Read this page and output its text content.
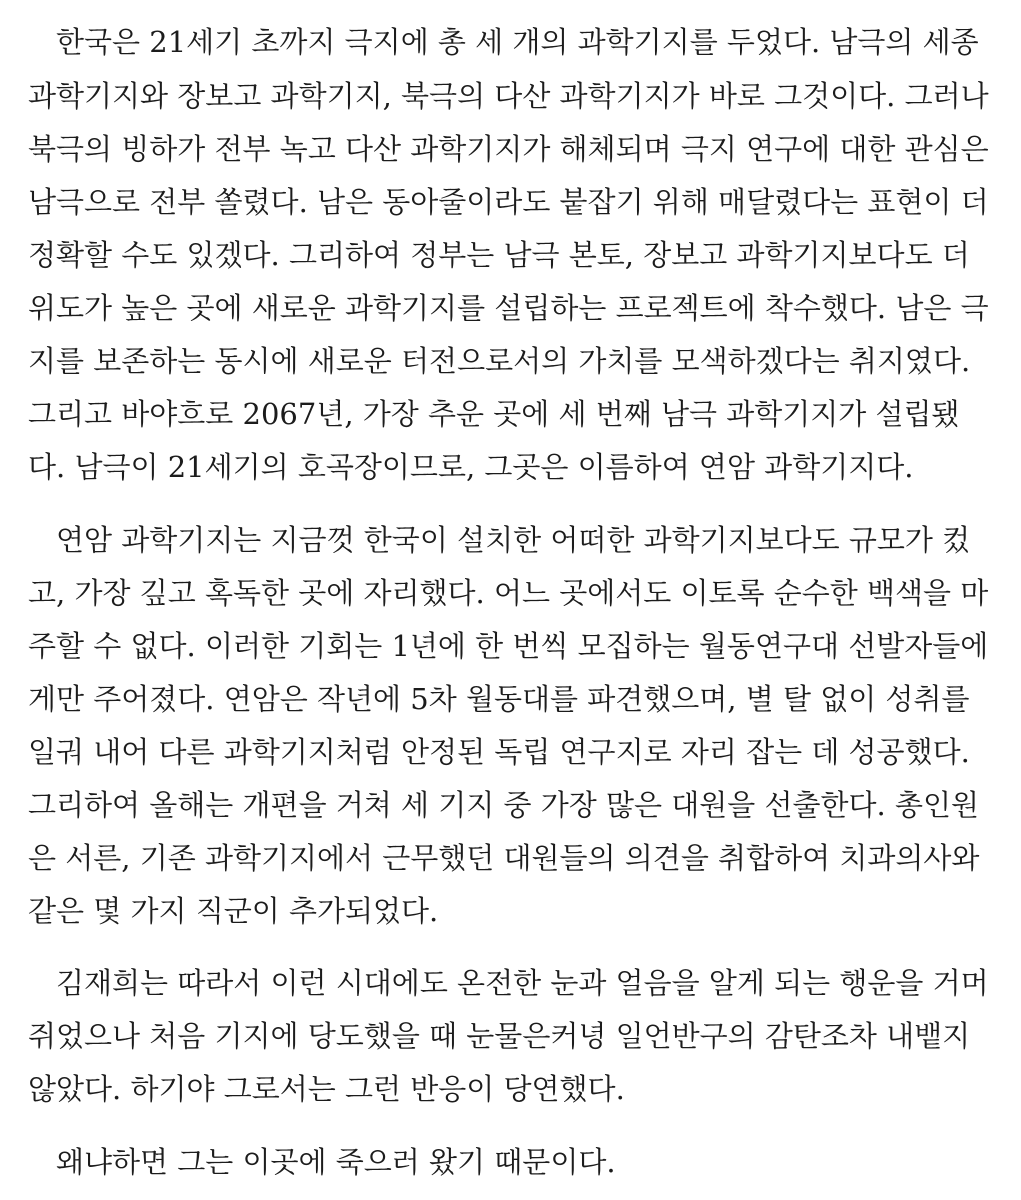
한국은 21세기 초까지 극지에 총 세 개의 과학기지를 두었다. 남극의 세종
과학기지와 장보고 과학기지, 북극의 다산 과학기지가 바로 그것이다. 그러나
북극의 빙하가 전부 녹고 다산 과학기지가 해체되며 극지 연구에 대한 관심은
남극으로 전부 쏠렸다. 남은 동아줄이라도 붙잡기 위해 매달렸다는 표현이 더
정확할 수도 있겠다. 그리하여 정부는 남극 본토, 장보고 과학기지보다도 더
위도가 높은 곳에 새로운 과학기지를 설립하는 프로젝트에 착수했다. 남은 극
지를 보존하는 동시에 새로운 터전으로서의 가치를 모색하겠다는 취지였다.
그리고 바야흐로 2067년, 가장 추운 곳에 세 번째 남극 과학기지가 설립됐
다. 남극이 21세기의 호곡장이므로, 그곳은 이름하여 연암 과학기지다.
연암 과학기지는 지금껏 한국이 설치한 어떠한 과학기지보다도 규모가 컸
고, 가장 깊고 혹독한 곳에 자리했다. 어느 곳에서도 이토록 순수한 백색을 마
주할 수 없다. 이러한 기회는 1년에 한 번씩 모집하는 월동연구대 선발자들에
게만 주어졌다. 연암은 작년에 5차 월동대를 파견했으며, 별 탈 없이 성취를
일궈 내어 다른 과학기지처럼 안정된 독립 연구지로 자리 잡는 데 성공했다.
그리하여 올해는 개편을 거쳐 세 기지 중 가장 많은 대원을 선출한다. 총인원
은 서른, 기존 과학기지에서 근무했던 대원들의 의견을 취합하여 치과의사와
같은 몇 가지 직군이 추가되었다.
김재희는 따라서 이런 시대에도 온전한 눈과 얼음을 알게 되는 행운을 거머
쥐었으나 처음 기지에 당도했을 때 눈물은커녕 일언반구의 감탄조차 내뱉지
않았다. 하기야 그로서는 그런 반응이 당연했다.
왜냐하면 그는 이곳에 죽으러 왔기 때문이다.
